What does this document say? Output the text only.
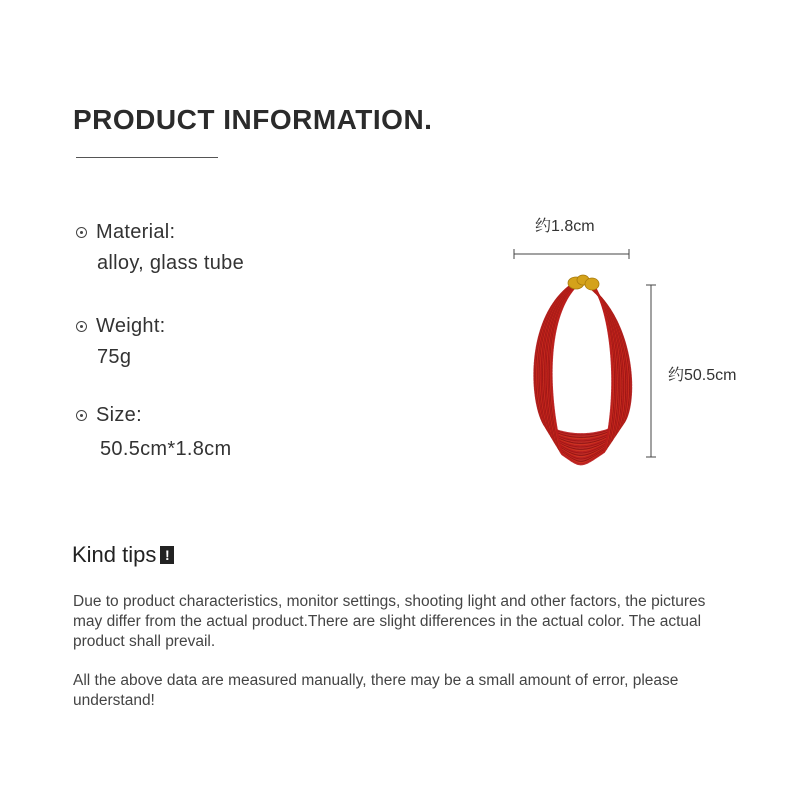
PRODUCT INFORMATION.
Material:
alloy, glass tube
Weight:
75g
Size:
50.5cm*1.8cm
约1.8cm
约50.5cm
Kind tips !

Due to product characteristics, monitor settings, shooting light and other factors, the pictures may differ from the actual product.There are slight differences in the actual color. The actual product shall prevail.

All the above data are measured manually, there may be a small amount of error, please understand!
